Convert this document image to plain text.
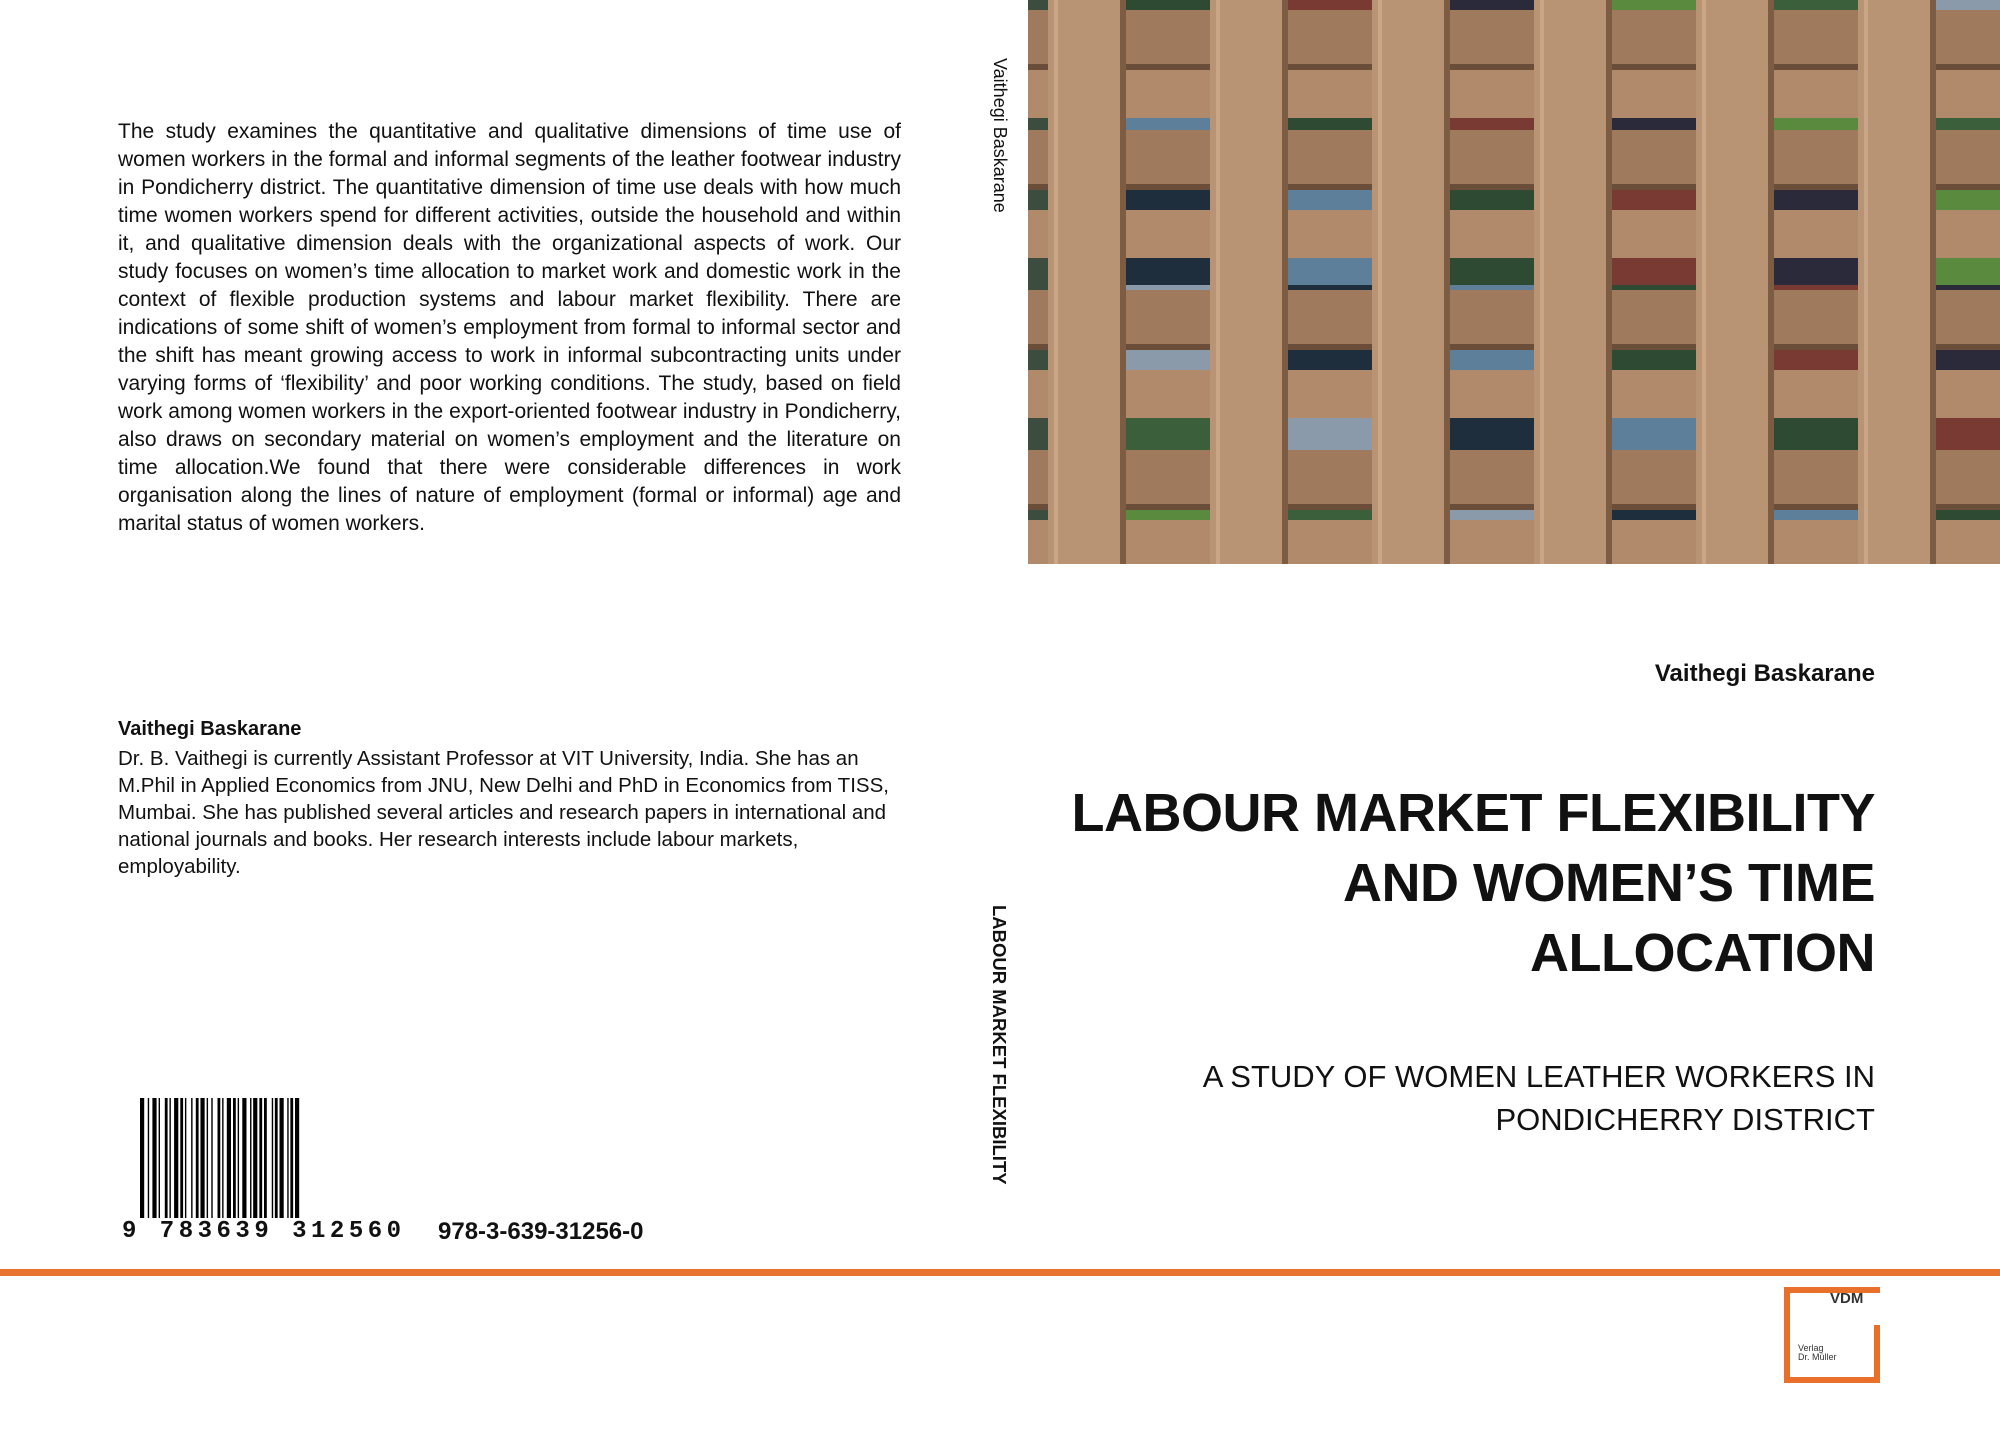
The study examines the quantitative and qualitative dimensions of time use of women workers in the formal and informal segments of the leather footwear industry in Pondicherry district. The quantitative dimension of time use deals with how much time women workers spend for different activities, outside the household and within it, and qualitative dimension deals with the organizational aspects of work. Our study focuses on women’s time allocation to market work and domestic work in the context of flexible production systems and labour market flexibility. There are indications of some shift of women’s employment from formal to informal sector and the shift has meant growing access to work in informal subcontracting units under varying forms of ‘flexibility’ and poor working conditions. The study, based on field work among women workers in the export-oriented footwear industry in Pondicherry, also draws on secondary material on women’s employment and the literature on time allocation.We found that there were considerable differences in work organisation along the lines of nature of employment (formal or informal) age and marital status of women workers.

Vaithegi Baskarane

Dr. B. Vaithegi is currently Assistant Professor at VIT University, India. She has an M.Phil in Applied Economics from JNU, New Delhi and PhD in Economics from TISS, Mumbai. She has published several articles and research papers in international and national journals and books. Her research interests include labour markets, employability.

9 783639 312560 978-3-639-31256-0
Vaithegi Baskarane
LABOUR MARKET FLEXIBILITY

Vaithegi Baskarane

LABOUR MARKET FLEXIBILITY AND WOMEN’S TIME ALLOCATION

A STUDY OF WOMEN LEATHER WORKERS IN PONDICHERRY DISTRICT

VDM
Verlag
Dr. Müller
